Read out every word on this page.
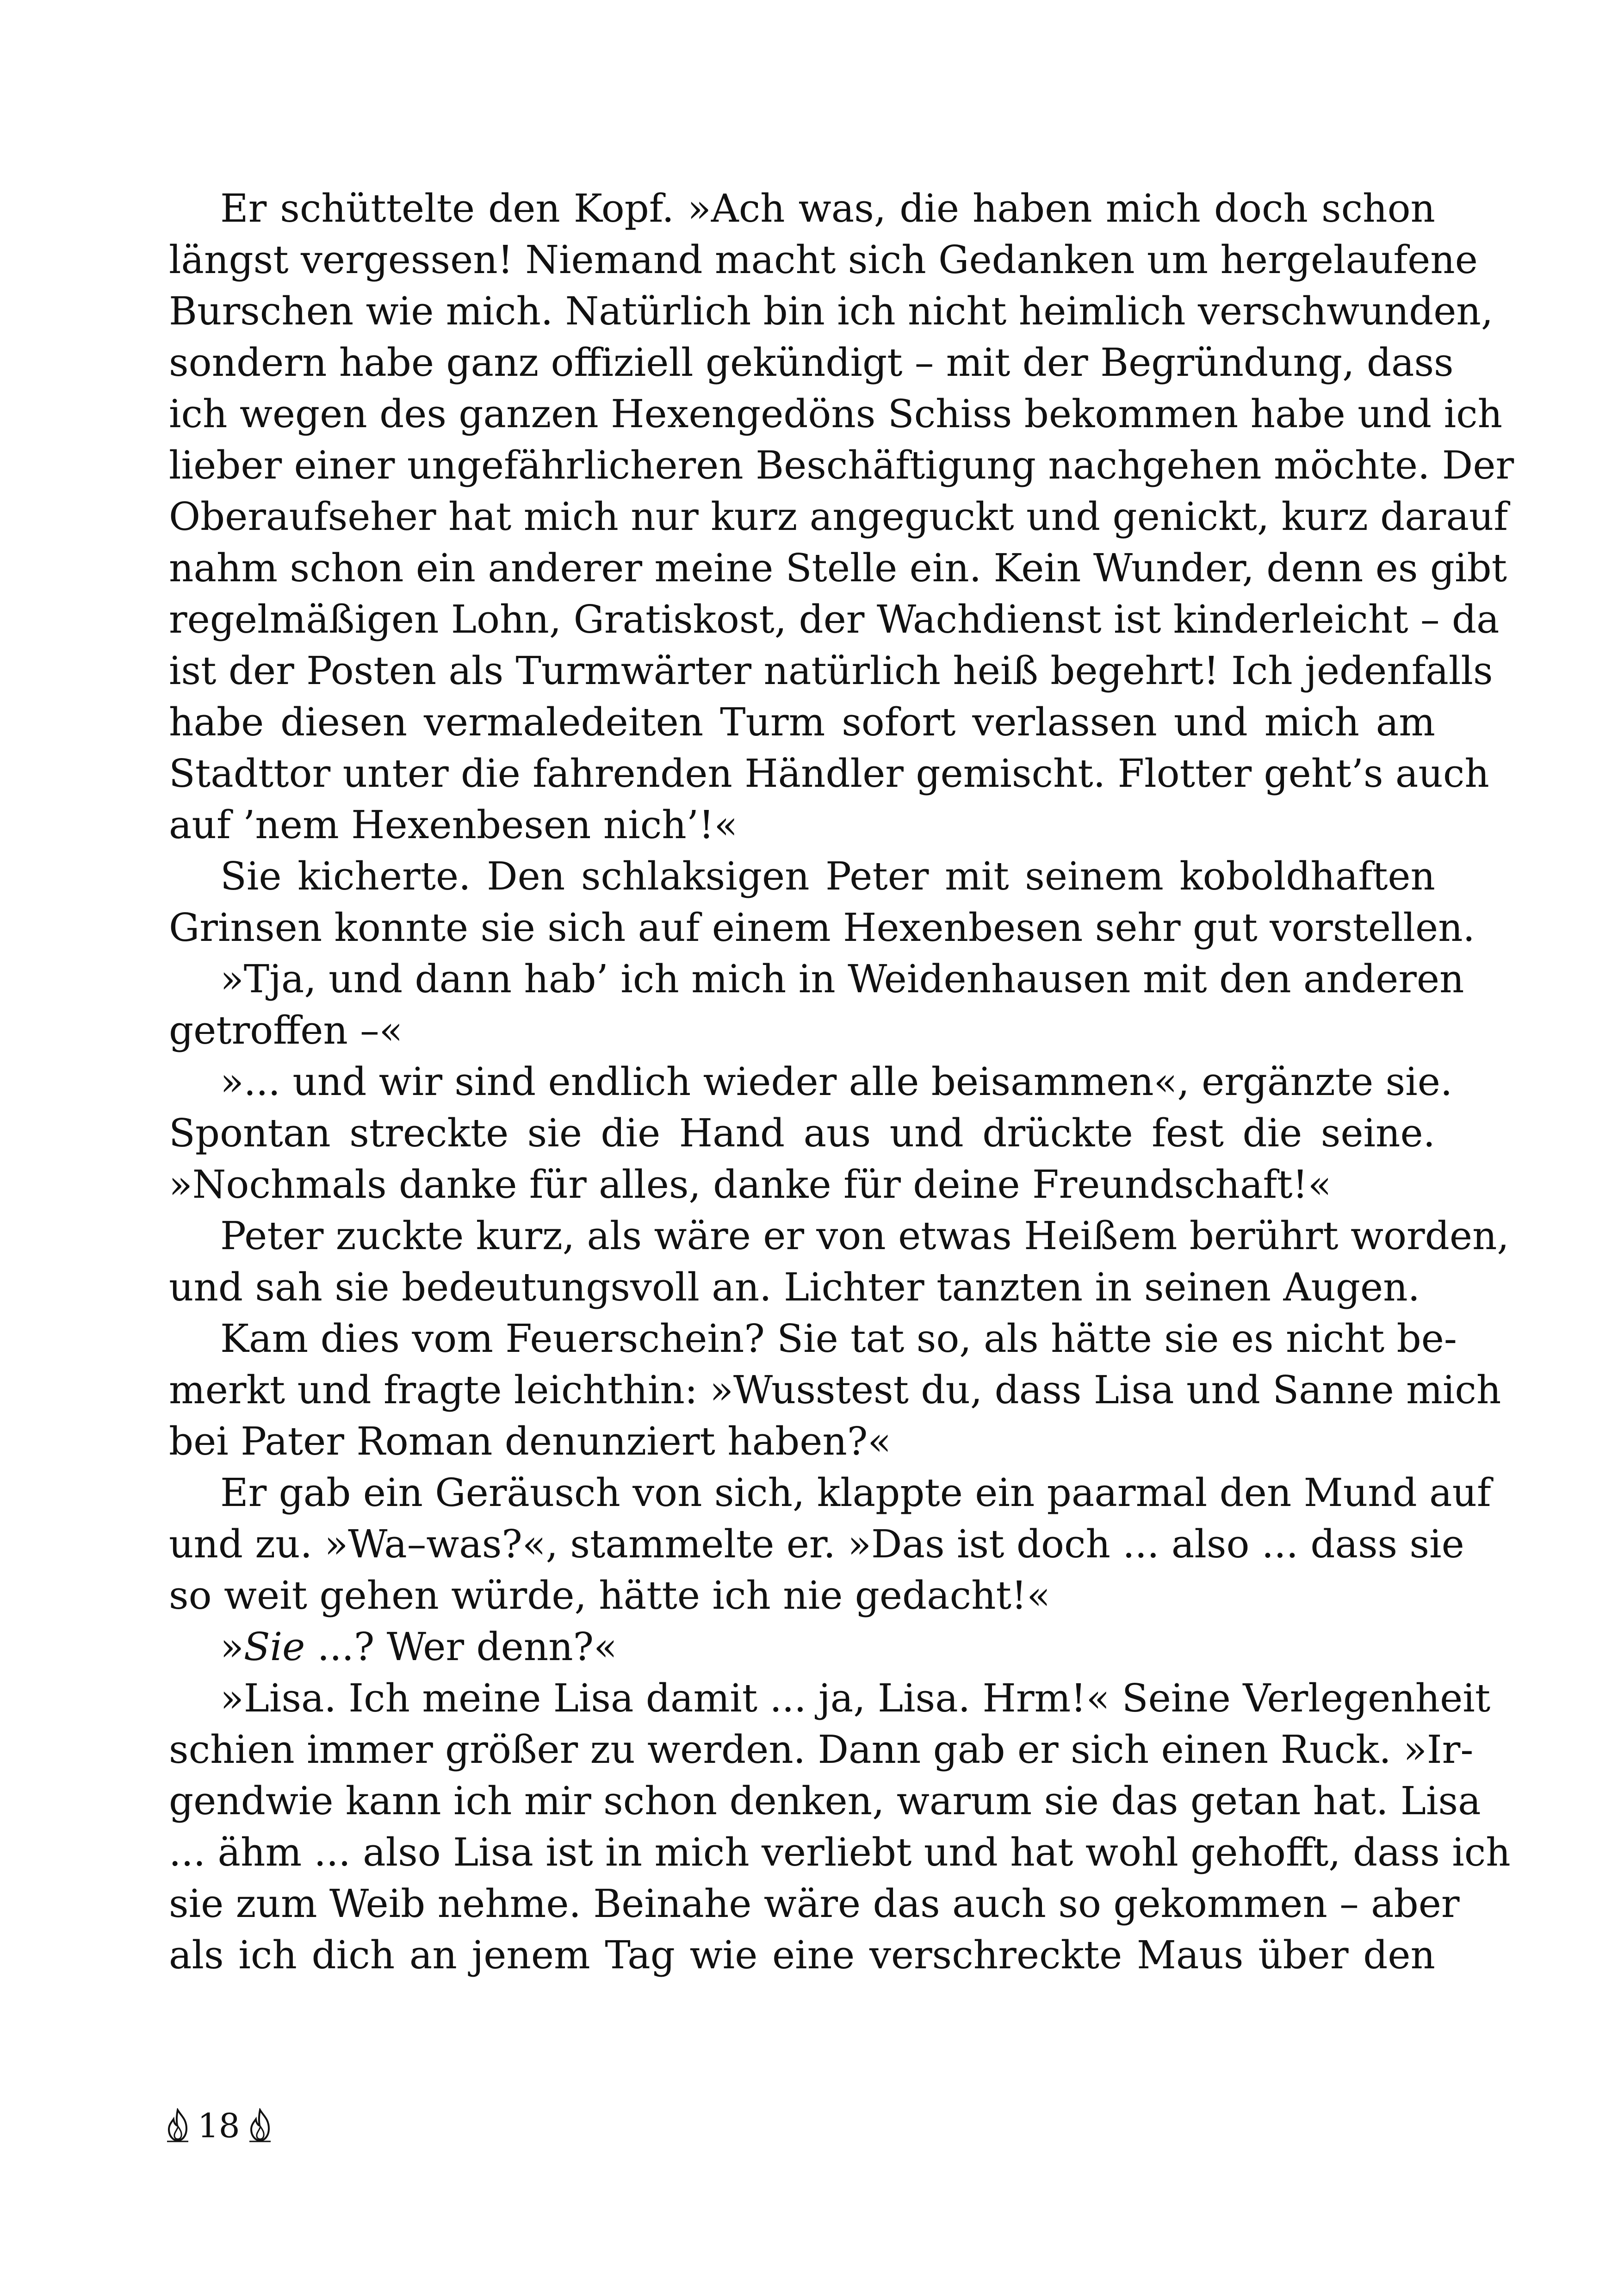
Er schüttelte den Kopf. »Ach was, die haben mich doch schon
längst vergessen! Niemand macht sich Gedanken um hergelaufene
Burschen wie mich. Natürlich bin ich nicht heimlich verschwunden,
sondern habe ganz offiziell gekündigt – mit der Begründung, dass
ich wegen des ganzen Hexengedöns Schiss bekommen habe und ich
lieber einer ungefährlicheren Beschäftigung nachgehen möchte. Der
Oberaufseher hat mich nur kurz angeguckt und genickt, kurz darauf
nahm schon ein anderer meine Stelle ein. Kein Wunder, denn es gibt
regelmäßigen Lohn, Gratiskost, der Wachdienst ist kinderleicht – da
ist der Posten als Turmwärter natürlich heiß begehrt! Ich jedenfalls
habe diesen vermaledeiten Turm sofort verlassen und mich am
Stadttor unter die fahrenden Händler gemischt. Flotter geht’s auch
auf ’nem Hexenbesen nich’!«
Sie kicherte. Den schlaksigen Peter mit seinem koboldhaften
Grinsen konnte sie sich auf einem Hexenbesen sehr gut vorstellen.
»Tja, und dann hab’ ich mich in Weidenhausen mit den anderen
getroffen –«
»... und wir sind endlich wieder alle beisammen«, ergänzte sie.
Spontan streckte sie die Hand aus und drückte fest die seine.
»Nochmals danke für alles, danke für deine Freundschaft!«
Peter zuckte kurz, als wäre er von etwas Heißem berührt worden,
und sah sie bedeutungsvoll an. Lichter tanzten in seinen Augen.
Kam dies vom Feuerschein? Sie tat so, als hätte sie es nicht be-
merkt und fragte leichthin: »Wusstest du, dass Lisa und Sanne mich
bei Pater Roman denunziert haben?«
Er gab ein Geräusch von sich, klappte ein paarmal den Mund auf
und zu. »Wa–was?«, stammelte er. »Das ist doch ... also ... dass sie
so weit gehen würde, hätte ich nie gedacht!«
»Sie ...? Wer denn?«
»Lisa. Ich meine Lisa damit ... ja, Lisa. Hrm!« Seine Verlegenheit
schien immer größer zu werden. Dann gab er sich einen Ruck. »Ir-
gendwie kann ich mir schon denken, warum sie das getan hat. Lisa
... ähm ... also Lisa ist in mich verliebt und hat wohl gehofft, dass ich
sie zum Weib nehme. Beinahe wäre das auch so gekommen – aber
als ich dich an jenem Tag wie eine verschreckte Maus über den
18
